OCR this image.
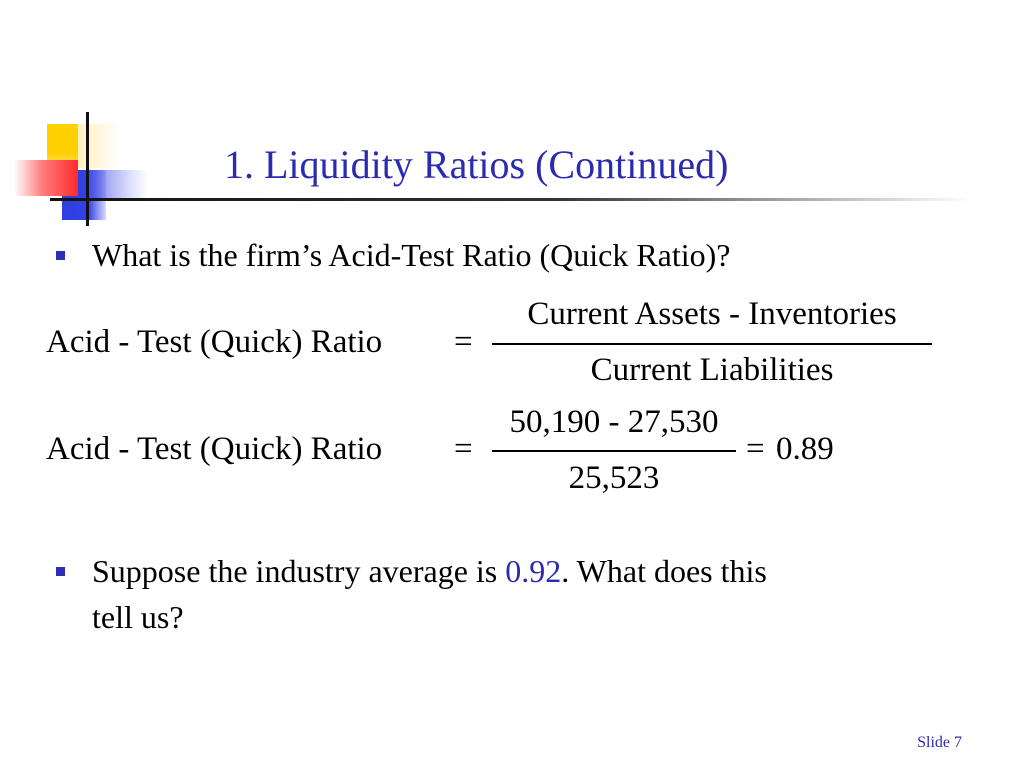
1. Liquidity Ratios (Continued)
What is the firm’s Acid-Test Ratio (Quick Ratio)?
Acid - Test (Quick) Ratio =
Current Assets - Inventories
Current Liabilities
Acid - Test (Quick) Ratio =
50,190 - 27,530
25,523
= 0.89
Suppose the industry average is 0.92. What does this
tell us?
Slide 7
